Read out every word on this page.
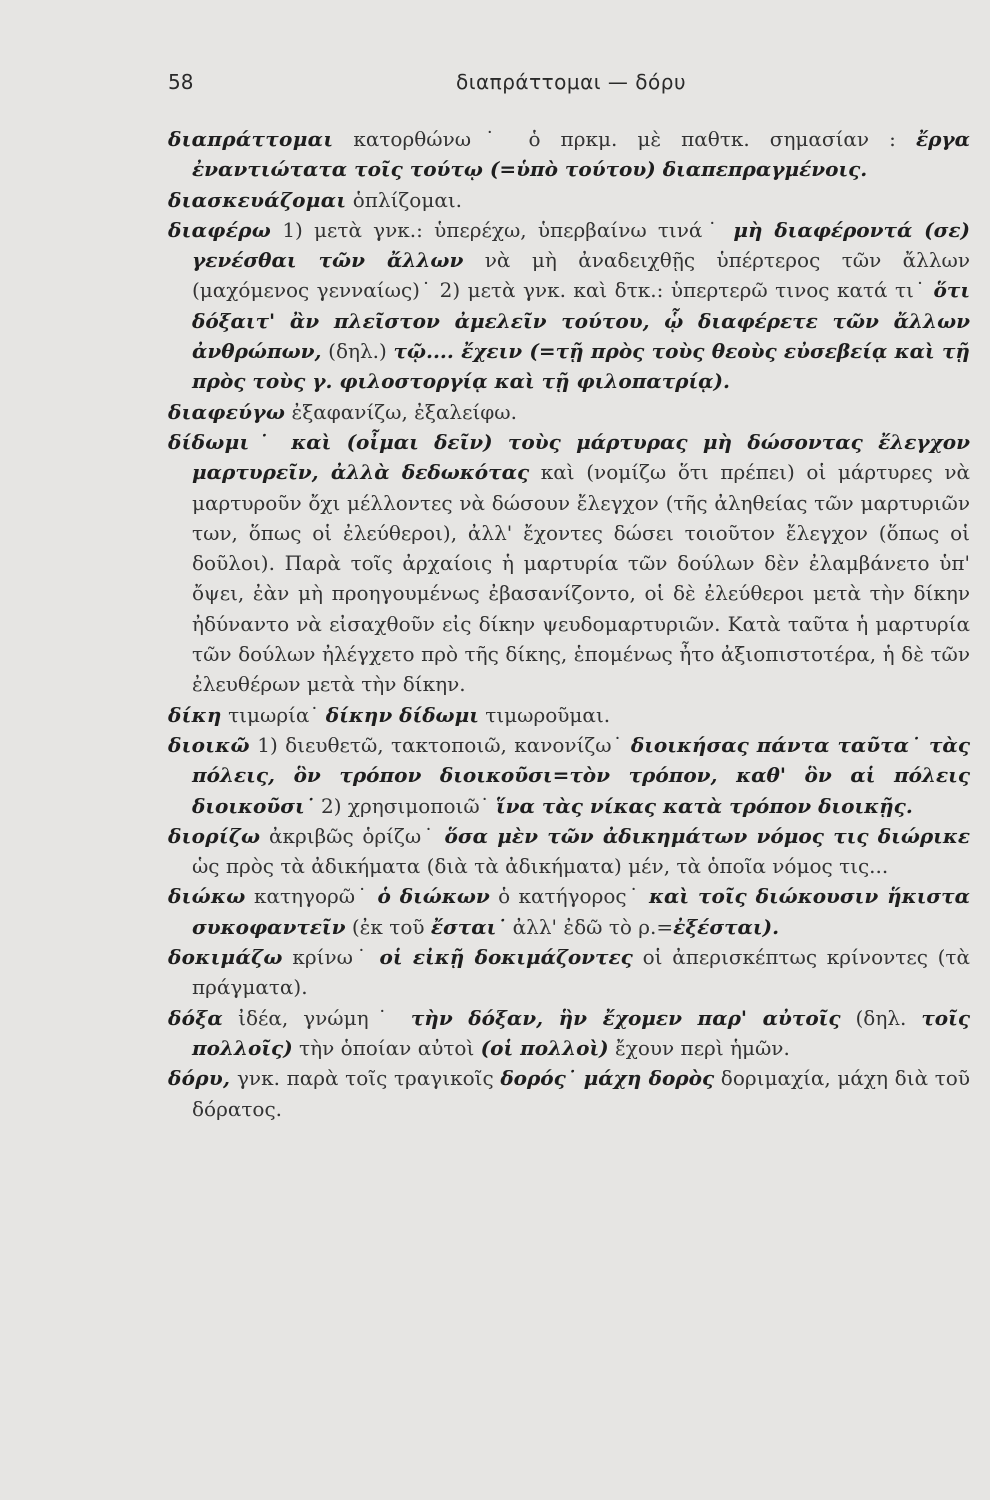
58	διαπράττομαι — δόρυ

διαπράττομαι κατορθώνω˙ ὁ πρκμ. μὲ παθτκ. σημασίαν : ἔργα ἐναντιώτατα τοῖς τούτῳ (=ὑπὸ τούτου) διαπεπραγμένοις.

διασκευάζομαι ὁπλίζομαι.

διαφέρω 1) μετὰ γνκ.: ὑπερέχω, ὑπερβαίνω τινά˙ μὴ διαφέροντά (σε) γενέσθαι τῶν ἄλλων νὰ μὴ ἀναδειχθῇς ὑπέρτερος τῶν ἄλλων (μαχόμενος γενναίως)˙ 2) μετὰ γνκ. καὶ δτκ.: ὑπερτερῶ τινος κατά τι˙ ὅτι δόξαιτ' ἂν πλεῖστον ἀμελεῖν τούτου, ᾧ διαφέρετε τῶν ἄλλων ἀνθρώπων, (δηλ.) τῷ.... ἔχειν (=τῇ πρὸς τοὺς θεοὺς εὐσεβείᾳ καὶ τῇ πρὸς τοὺς γ. φιλοστοργίᾳ καὶ τῇ φιλοπατρίᾳ).

διαφεύγω ἐξαφανίζω, ἐξαλείφω.

δίδωμι˙ καὶ (οἶμαι δεῖν) τοὺς μάρτυρας μὴ δώσοντας ἔλεγχον μαρτυρεῖν, ἀλλὰ δεδωκότας καὶ (νομίζω ὅτι πρέπει) οἱ μάρτυρες νὰ μαρτυροῦν ὄχι μέλλοντες νὰ δώσουν ἔλεγχον (τῆς ἀληθείας τῶν μαρτυριῶν των, ὅπως οἱ ἐλεύθεροι), ἀλλ' ἔχοντες δώσει τοιοῦτον ἔλεγχον (ὅπως οἱ δοῦλοι). Παρὰ τοῖς ἀρχαίοις ἡ μαρτυρία τῶν δούλων δὲν ἐλαμβάνετο ὑπ' ὄψει, ἐὰν μὴ προηγουμένως ἐβασανίζοντο, οἱ δὲ ἐλεύθεροι μετὰ τὴν δίκην ἠδύναντο νὰ εἰσαχθοῦν εἰς δίκην ψευδομαρτυριῶν. Κατὰ ταῦτα ἡ μαρτυρία τῶν δούλων ἠλέγχετο πρὸ τῆς δίκης, ἑπομένως ἦτο ἀξιοπιστοτέρα, ἡ δὲ τῶν ἐλευθέρων μετὰ τὴν δίκην.

δίκη τιμωρία˙ δίκην δίδωμι τιμωροῦμαι.

διοικῶ 1) διευθετῶ, τακτοποιῶ, κανονίζω˙ διοικήσας πάντα ταῦτα˙ τὰς πόλεις, ὃν τρόπον διοικοῦσι=τὸν τρόπον, καθ' ὃν αἱ πόλεις διοικοῦσι˙ 2) χρησιμοποιῶ˙ ἵνα τὰς νίκας κατὰ τρόπον διοικῇς.

διορίζω ἀκριβῶς ὁρίζω˙ ὅσα μὲν τῶν ἀδικημάτων νόμος τις διώρικε ὡς πρὸς τὰ ἀδικήματα (διὰ τὰ ἀδικήματα) μέν, τὰ ὁποῖα νόμος τις...

διώκω κατηγορῶ˙ ὁ διώκων ὁ κατήγορος˙ καὶ τοῖς διώκουσιν ἥκιστα συκοφαντεῖν (ἐκ τοῦ ἔσται˙ ἀλλ' ἐδῶ τὸ ρ.=ἐξέσται).

δοκιμάζω κρίνω˙ οἱ εἰκῇ δοκιμάζοντες οἱ ἀπερισκέπτως κρίνοντες (τὰ πράγματα).

δόξα ἰδέα, γνώμη˙ τὴν δόξαν, ἣν ἔχομεν παρ' αὐτοῖς (δηλ. τοῖς πολλοῖς) τὴν ὁποίαν αὐτοὶ (οἱ πολλοὶ) ἔχουν περὶ ἡμῶν.

δόρυ, γνκ. παρὰ τοῖς τραγικοῖς δορός˙ μάχη δορὸς δοριμαχία, μάχη διὰ τοῦ δόρατος.
